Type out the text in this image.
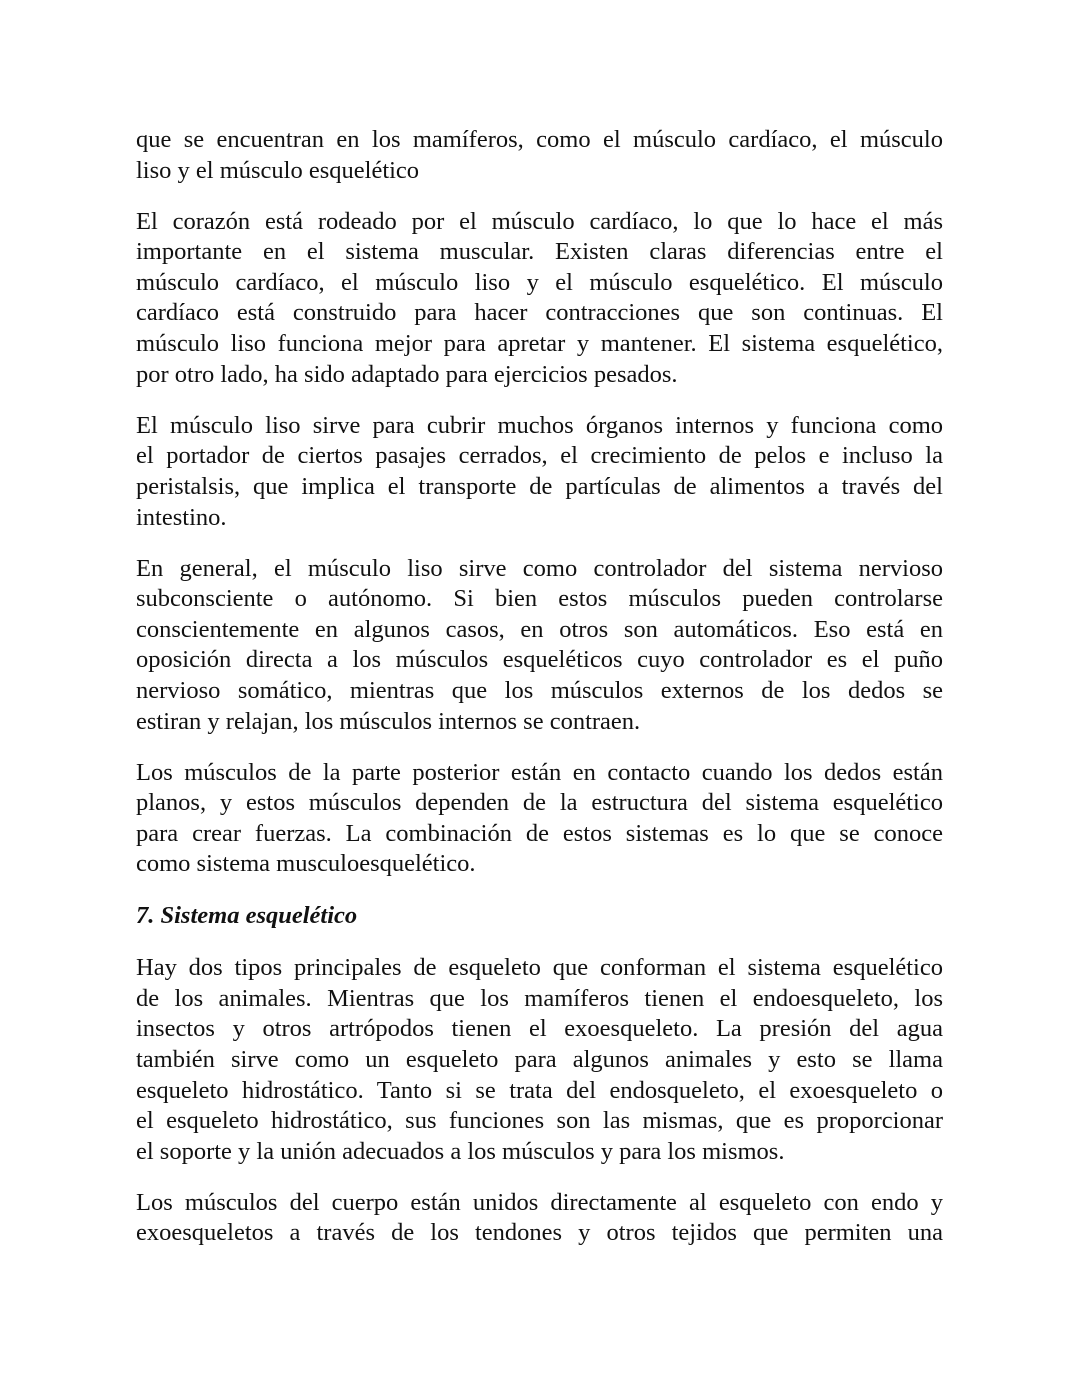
que se encuentran en los mamíferos, como el músculo cardíaco, el músculo
liso y el músculo esquelético
El corazón está rodeado por el músculo cardíaco, lo que lo hace el más
importante en el sistema muscular. Existen claras diferencias entre el
músculo cardíaco, el músculo liso y el músculo esquelético. El músculo
cardíaco está construido para hacer contracciones que son continuas. El
músculo liso funciona mejor para apretar y mantener. El sistema esquelético,
por otro lado, ha sido adaptado para ejercicios pesados.
El músculo liso sirve para cubrir muchos órganos internos y funciona como
el portador de ciertos pasajes cerrados, el crecimiento de pelos e incluso la
peristalsis, que implica el transporte de partículas de alimentos a través del
intestino.
En general, el músculo liso sirve como controlador del sistema nervioso
subconsciente o autónomo. Si bien estos músculos pueden controlarse
conscientemente en algunos casos, en otros son automáticos. Eso está en
oposición directa a los músculos esqueléticos cuyo controlador es el puño
nervioso somático, mientras que los músculos externos de los dedos se
estiran y relajan, los músculos internos se contraen.
Los músculos de la parte posterior están en contacto cuando los dedos están
planos, y estos músculos dependen de la estructura del sistema esquelético
para crear fuerzas. La combinación de estos sistemas es lo que se conoce
como sistema musculoesquelético.
7. Sistema esquelético
Hay dos tipos principales de esqueleto que conforman el sistema esquelético
de los animales. Mientras que los mamíferos tienen el endoesqueleto, los
insectos y otros artrópodos tienen el exoesqueleto. La presión del agua
también sirve como un esqueleto para algunos animales y esto se llama
esqueleto hidrostático. Tanto si se trata del endosqueleto, el exoesqueleto o
el esqueleto hidrostático, sus funciones son las mismas, que es proporcionar
el soporte y la unión adecuados a los músculos y para los mismos.
Los músculos del cuerpo están unidos directamente al esqueleto con endo y
exoesqueletos a través de los tendones y otros tejidos que permiten una
